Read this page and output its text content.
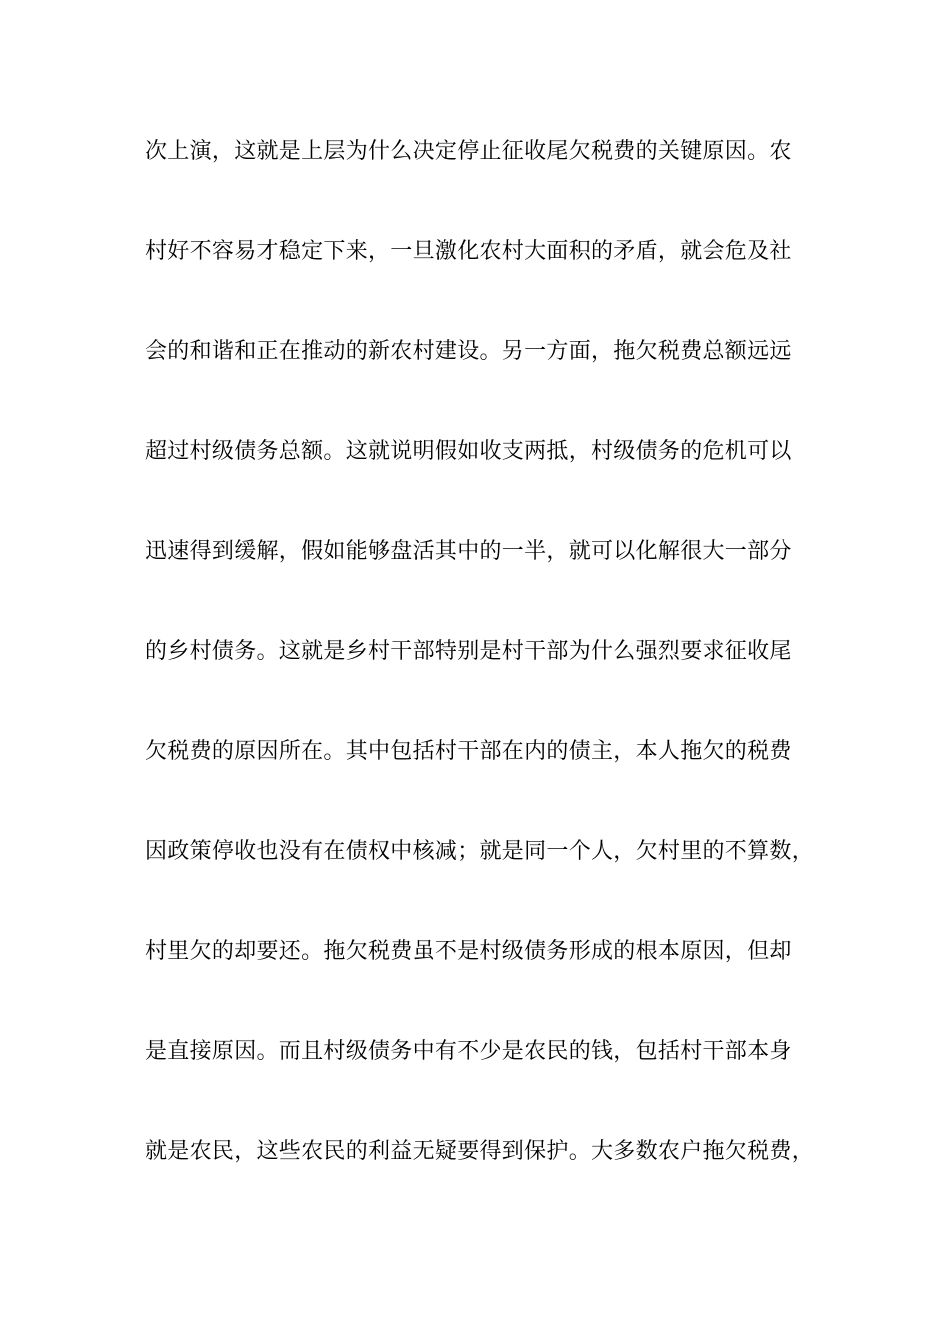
次上演，这就是上层为什么决定停止征收尾欠税费的关键原因。农
村好不容易才稳定下来，一旦激化农村大面积的矛盾，就会危及社
会的和谐和正在推动的新农村建设。另一方面，拖欠税费总额远远
超过村级债务总额。这就说明假如收支两抵，村级债务的危机可以
迅速得到缓解，假如能够盘活其中的一半，就可以化解很大一部分
的乡村债务。这就是乡村干部特别是村干部为什么强烈要求征收尾
欠税费的原因所在。其中包括村干部在内的债主，本人拖欠的税费
因政策停收也没有在债权中核减；就是同一个人，欠村里的不算数，
村里欠的却要还。拖欠税费虽不是村级债务形成的根本原因，但却
是直接原因。而且村级债务中有不少是农民的钱，包括村干部本身
就是农民，这些农民的利益无疑要得到保护。大多数农户拖欠税费，
